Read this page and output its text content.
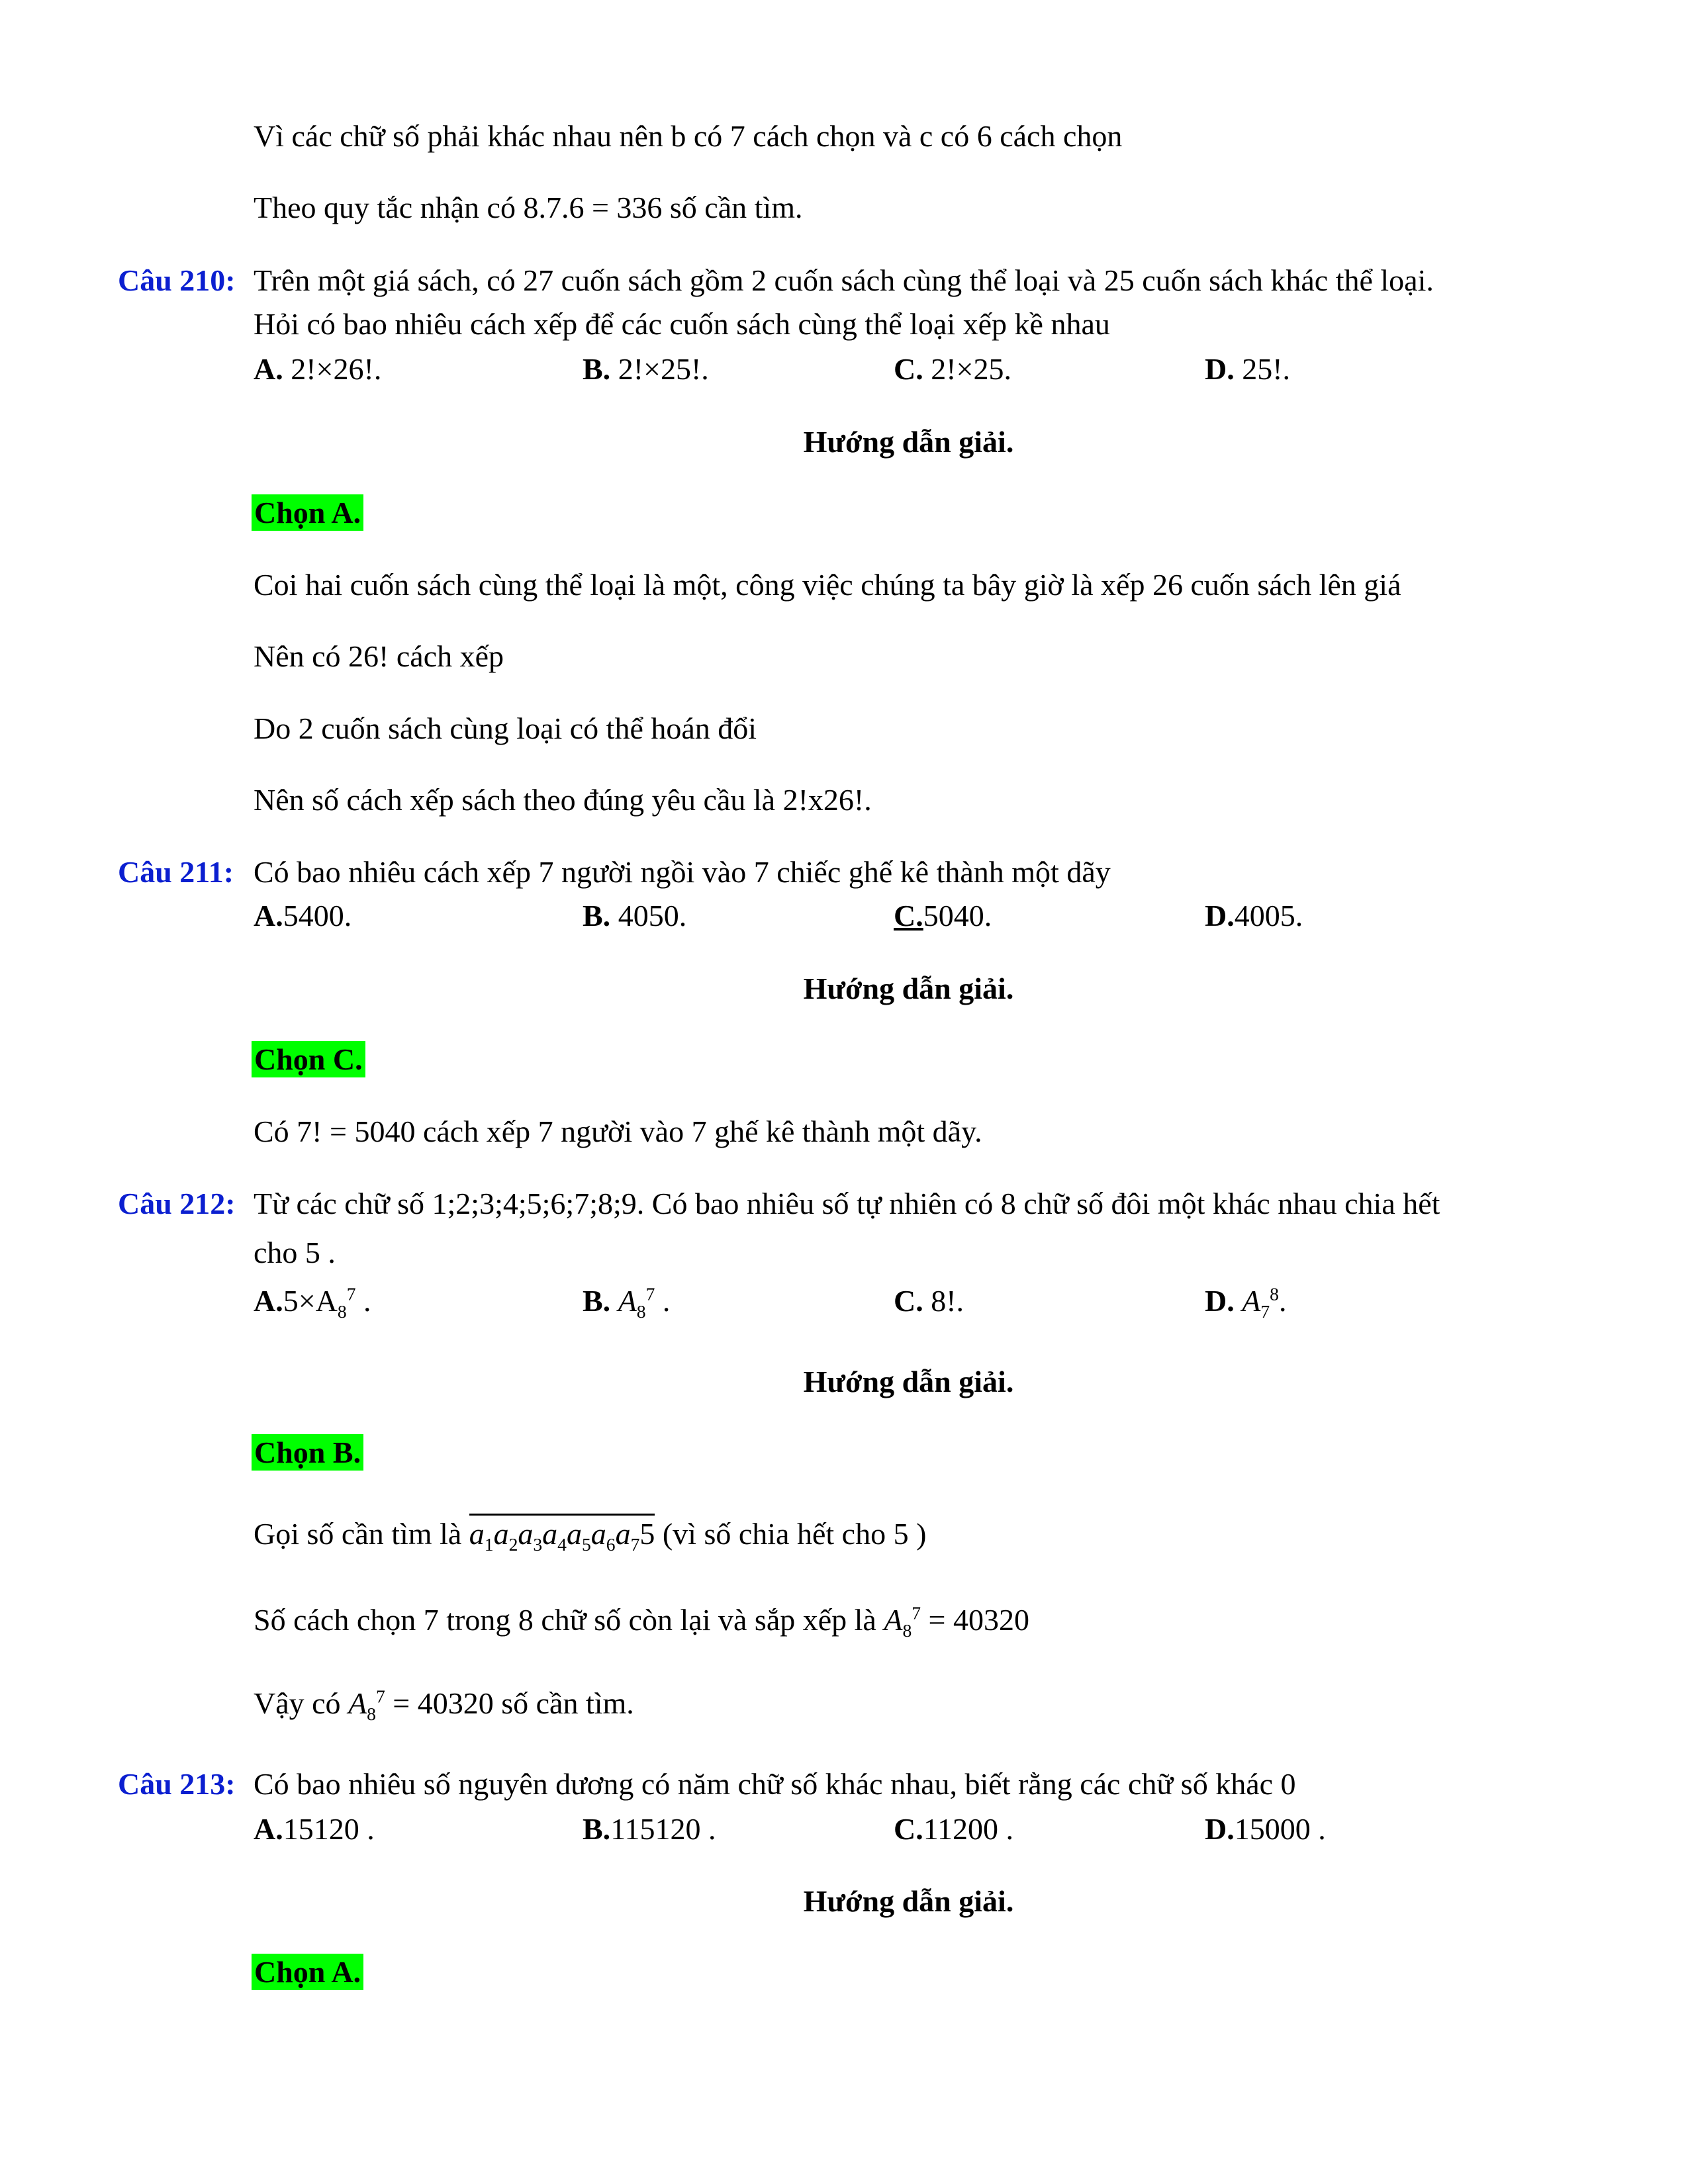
Vì các chữ số phải khác nhau nên b có 7 cách chọn và c có 6 cách chọn
Theo quy tắc nhận có 8.7.6 = 336 số cần tìm.
Câu 210: Trên một giá sách, có 27 cuốn sách gồm 2 cuốn sách cùng thể loại và 25 cuốn sách khác thể loại.
Hỏi có bao nhiêu cách xếp để các cuốn sách cùng thể loại xếp kề nhau
A. 2!×26!.	B. 2!×25!.	C. 2!×25.	D. 25!.
Hướng dẫn giải.
Chọn A.
Coi hai cuốn sách cùng thể loại là một, công việc chúng ta bây giờ là xếp 26 cuốn sách lên giá
Nên có 26! cách xếp
Do 2 cuốn sách cùng loại có thể hoán đổi
Nên số cách xếp sách theo đúng yêu cầu là 2!x26!.
Câu 211: Có bao nhiêu cách xếp 7 người ngồi vào 7 chiếc ghế kê thành một dãy
A.5400.	B. 4050.	C.5040.	D.4005.
Hướng dẫn giải.
Chọn C.
Có 7! = 5040 cách xếp 7 người vào 7 ghế kê thành một dãy.
Câu 212: Từ các chữ số 1;2;3;4;5;6;7;8;9. Có bao nhiêu số tự nhiên có 8 chữ số đôi một khác nhau chia hết
cho 5 .
$A.5\times A_8^7$ .	B. $A_8^7$ .	C. 8!.	D. $A_7^8$.
Hướng dẫn giải.
Chọn B.
Gọi số cần tìm là $a_1a_2a_3a_4a_5a_6a_75$ (vì số chia hết cho 5 )
Số cách chọn 7 trong 8 chữ số còn lại và sắp xếp là $A_8^7 = 40320$
Vậy có $A_8^7 = 40320$ số cần tìm.
Câu 213: Có bao nhiêu số nguyên dương có năm chữ số khác nhau, biết rằng các chữ số khác 0
A.15120 .	B.115120 .	C.11200 .	D.15000 .
Hướng dẫn giải.
Chọn A.
